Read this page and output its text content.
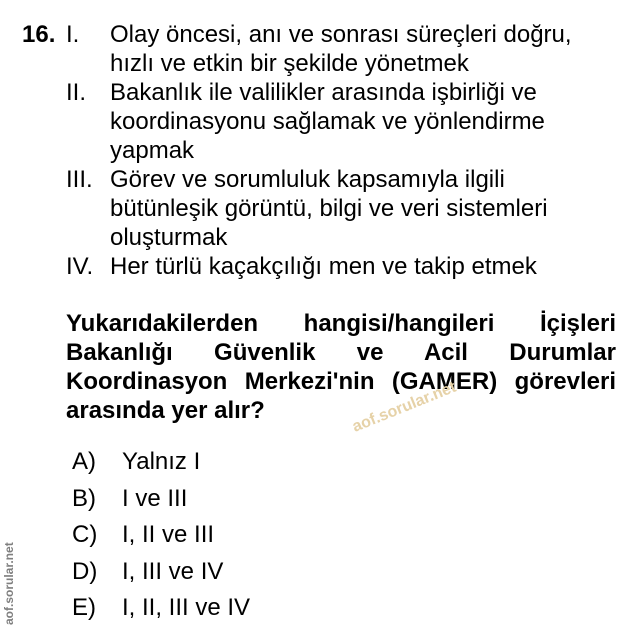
16. I. Olay öncesi, anı ve sonrası süreçleri doğru,
hızlı ve etkin bir şekilde yönetmek
II. Bakanlık ile valilikler arasında işbirliği ve
koordinasyonu sağlamak ve yönlendirme
yapmak
III. Görev ve sorumluluk kapsamıyla ilgili
bütünleşik görüntü, bilgi ve veri sistemleri
oluşturmak
IV. Her türlü kaçakçılığı men ve takip etmek

Yukarıdakilerden hangisi/hangileri İçişleri Bakanlığı Güvenlik ve Acil Durumlar Koordinasyon Merkezi'nin (GAMER) görevleri arasında yer alır?

A) Yalnız I
B) I ve III
C) I, II ve III
D) I, III ve IV
E) I, II, III ve IV
aof.sorular.net
aof.sorular.net
